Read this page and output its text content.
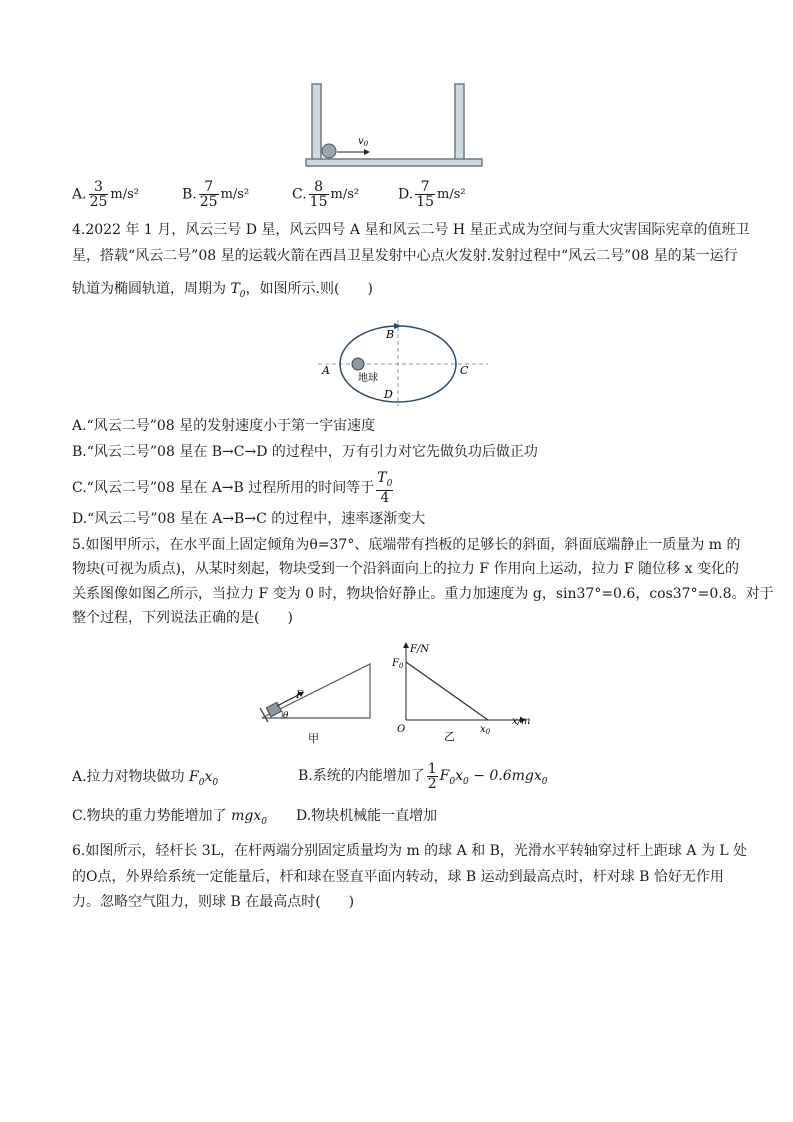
$v_0$
A. $\frac{3}{25} m/s^2$	B. $\frac{7}{25} m/s^2$	C. $\frac{8}{15} m/s^2$	D. $\frac{7}{15} m/s^2$
4.2022 年 1 月，风云三号 D 星，风云四号 A 星和风云二号 H 星正式成为空间与重大灾害国际宪章的值班卫
星，搭载“风云二号”08 星的运载火箭在西昌卫星发射中心点火发射.发射过程中“风云二号”08 星的某一运行
轨道为椭圆轨道，周期为 $T_0$，如图所示.则(　　)
A
B
C
D
地球
A.“风云二号”08 星的发射速度小于第一宇宙速度
B.“风云二号”08 星在 B→C→D 的过程中，万有引力对它先做负功后做正功
C.“风云二号”08 星在 A→B 过程所用的时间等于 $\frac{T_0}{4}$
D.“风云二号”08 星在 A→B→C 的过程中，速率逐渐变大
5.如图甲所示，在水平面上固定倾角为θ=37°、底端带有挡板的足够长的斜面，斜面底端静止一质量为 m 的
物块(可视为质点)，从某时刻起，物块受到一个沿斜面向上的拉力 F 作用向上运动，拉力 F 随位移 x 变化的
关系图像如图乙所示，当拉力 F 变为 0 时，物块恰好静止。重力加速度为 g，sin37°=0.6，cos37°=0.8。对于
整个过程，下列说法正确的是(　　)
F
θ
甲
F/N
$F_0$
O	$x_0$
x/m
乙
A.拉力对物块做功 $F_0x_0$	B.系统的内能增加了 $\frac{1}{2} F_0x_0 - 0.6mgx_0$
C.物块的重力势能增加了 mgx$_0$ D.物块机械能一直增加
6.如图所示，轻杆长 3L，在杆两端分别固定质量均为 m 的球 A 和 B，光滑水平转轴穿过杆上距球 A 为 L 处
的O点，外界给系统一定能量后，杆和球在竖直平面内转动，球 B 运动到最高点时，杆对球 B 恰好无作用
力。忽略空气阻力，则球 B 在最高点时(　　)
